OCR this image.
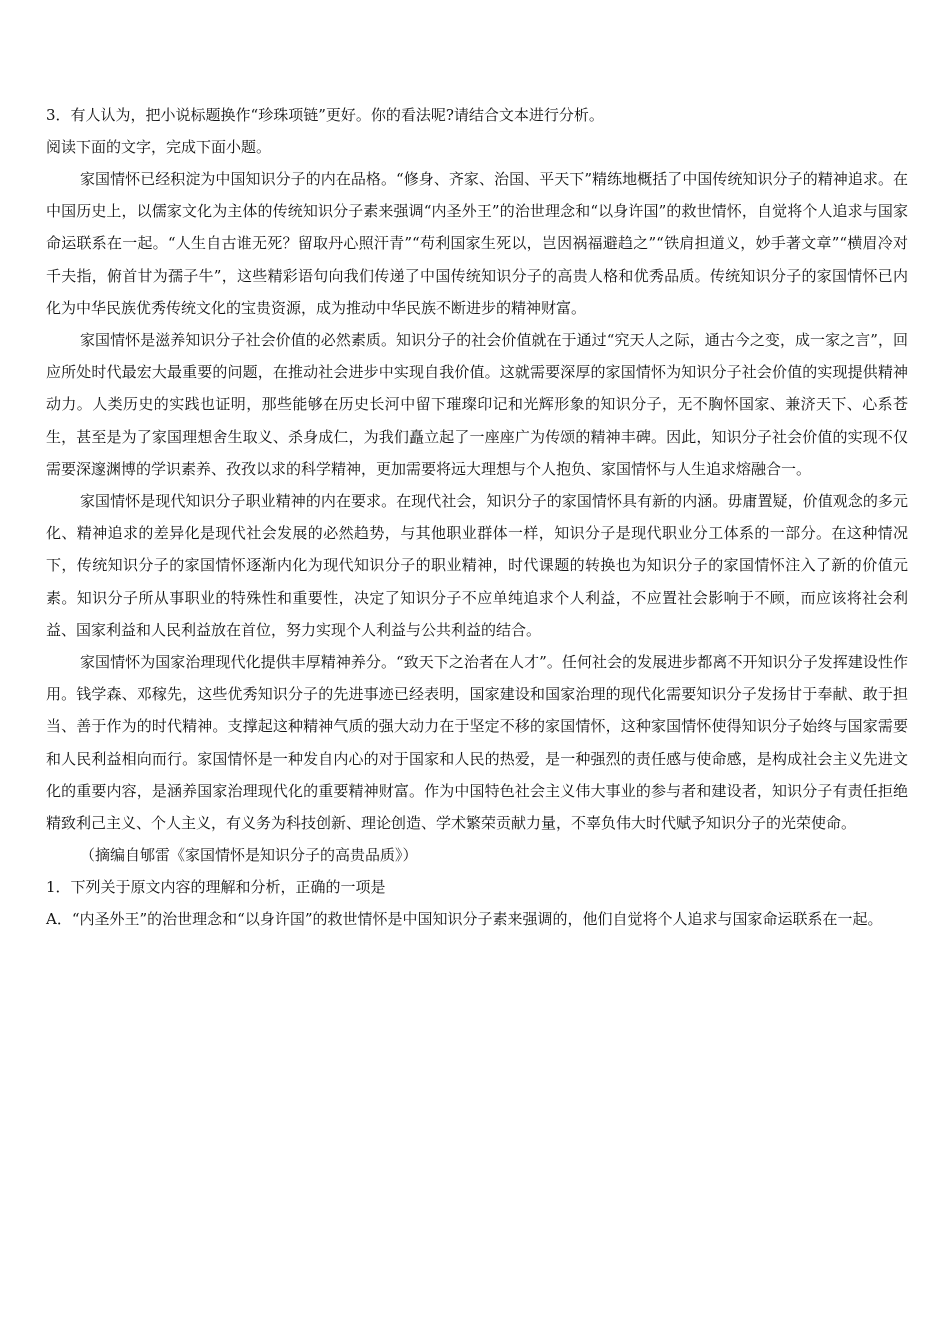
3．有人认为，把小说标题换作“珍珠项链”更好。你的看法呢?请结合文本进行分析。

阅读下面的文字，完成下面小题。

家国情怀已经积淀为中国知识分子的内在品格。“修身、齐家、治国、平天下”精练地概括了中国传统知识分子的精神追求。在中国历史上，以儒家文化为主体的传统知识分子素来强调“内圣外王”的治世理念和“以身许国”的救世情怀，自觉将个人追求与国家命运联系在一起。“人生自古谁无死？留取丹心照汗青”“苟利国家生死以，岂因祸福避趋之”“铁肩担道义，妙手著文章”“横眉冷对千夫指，俯首甘为孺子牛”，这些精彩语句向我们传递了中国传统知识分子的高贵人格和优秀品质。传统知识分子的家国情怀已内化为中华民族优秀传统文化的宝贵资源，成为推动中华民族不断进步的精神财富。

家国情怀是滋养知识分子社会价值的必然素质。知识分子的社会价值就在于通过“究天人之际，通古今之变，成一家之言”，回应所处时代最宏大最重要的问题，在推动社会进步中实现自我价值。这就需要深厚的家国情怀为知识分子社会价值的实现提供精神动力。人类历史的实践也证明，那些能够在历史长河中留下璀璨印记和光辉形象的知识分子，无不胸怀国家、兼济天下、心系苍生，甚至是为了家国理想舍生取义、杀身成仁，为我们矗立起了一座座广为传颂的精神丰碑。因此，知识分子社会价值的实现不仅需要深邃渊博的学识素养、孜孜以求的科学精神，更加需要将远大理想与个人抱负、家国情怀与人生追求熔融合一。

家国情怀是现代知识分子职业精神的内在要求。在现代社会，知识分子的家国情怀具有新的内涵。毋庸置疑，价值观念的多元化、精神追求的差异化是现代社会发展的必然趋势，与其他职业群体一样，知识分子是现代职业分工体系的一部分。在这种情况下，传统知识分子的家国情怀逐渐内化为现代知识分子的职业精神，时代课题的转换也为知识分子的家国情怀注入了新的价值元素。知识分子所从事职业的特殊性和重要性，决定了知识分子不应单纯追求个人利益，不应置社会影响于不顾，而应该将社会利益、国家利益和人民利益放在首位，努力实现个人利益与公共利益的结合。

家国情怀为国家治理现代化提供丰厚精神养分。“致天下之治者在人才”。任何社会的发展进步都离不开知识分子发挥建设性作用。钱学森、邓稼先，这些优秀知识分子的先进事迹已经表明，国家建设和国家治理的现代化需要知识分子发扬甘于奉献、敢于担当、善于作为的时代精神。支撑起这种精神气质的强大动力在于坚定不移的家国情怀，这种家国情怀使得知识分子始终与国家需要和人民利益相向而行。家国情怀是一种发自内心的对于国家和人民的热爱，是一种强烈的责任感与使命感，是构成社会主义先进文化的重要内容，是涵养国家治理现代化的重要精神财富。作为中国特色社会主义伟大事业的参与者和建设者，知识分子有责任拒绝精致利己主义、个人主义，有义务为科技创新、理论创造、学术繁荣贡献力量，不辜负伟大时代赋予知识分子的光荣使命。

（摘编自郇雷《家国情怀是知识分子的高贵品质》）

1．下列关于原文内容的理解和分析，正确的一项是

A．“内圣外王”的治世理念和“以身许国”的救世情怀是中国知识分子素来强调的，他们自觉将个人追求与国家命运联系在一起。
